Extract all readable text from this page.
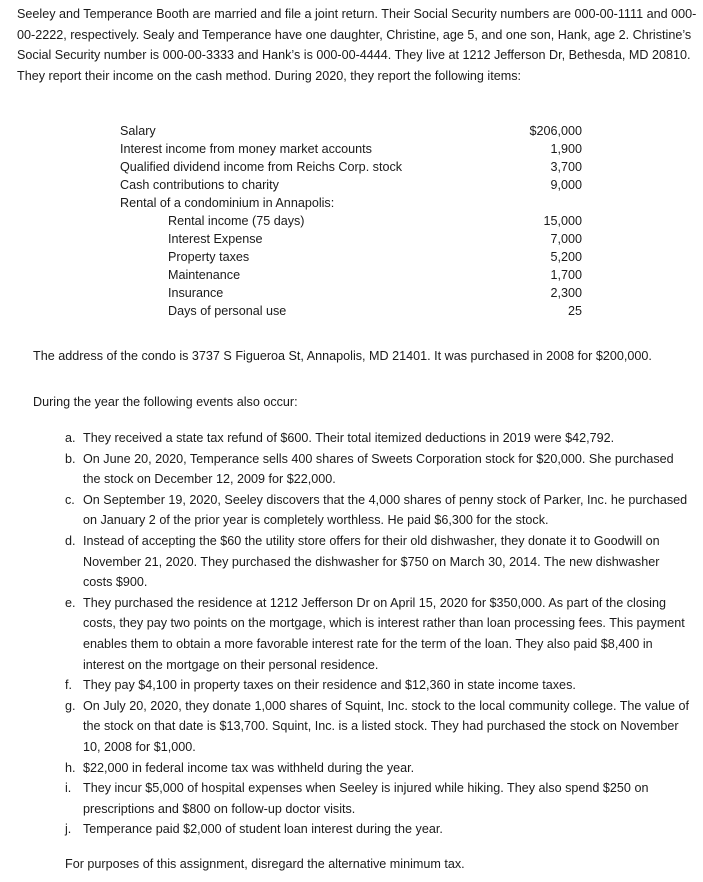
Seeley and Temperance Booth are married and file a joint return. Their Social Security numbers are 000-00-1111 and 000-00-2222, respectively. Sealy and Temperance have one daughter, Christine, age 5, and one son, Hank, age 2. Christine’s Social Security number is 000-00-3333 and Hank’s is 000-00-4444. They live at 1212 Jefferson Dr, Bethesda, MD 20810. They report their income on the cash method. During 2020, they report the following items:

Salary	$206,000
Interest income from money market accounts	1,900
Qualified dividend income from Reichs Corp. stock	3,700
Cash contributions to charity	9,000
Rental of a condominium in Annapolis:
Rental income (75 days)	15,000
Interest Expense	7,000
Property taxes	5,200
Maintenance	1,700
Insurance	2,300
Days of personal use	25

The address of the condo is 3737 S Figueroa St, Annapolis, MD 21401. It was purchased in 2008 for $200,000.

During the year the following events also occur:

a. They received a state tax refund of $600. Their total itemized deductions in 2019 were $42,792.
b. On June 20, 2020, Temperance sells 400 shares of Sweets Corporation stock for $20,000. She purchased the stock on December 12, 2009 for $22,000.
c. On September 19, 2020, Seeley discovers that the 4,000 shares of penny stock of Parker, Inc. he purchased on January 2 of the prior year is completely worthless. He paid $6,300 for the stock.
d. Instead of accepting the $60 the utility store offers for their old dishwasher, they donate it to Goodwill on November 21, 2020. They purchased the dishwasher for $750 on March 30, 2014. The new dishwasher costs $900.
e. They purchased the residence at 1212 Jefferson Dr on April 15, 2020 for $350,000. As part of the closing costs, they pay two points on the mortgage, which is interest rather than loan processing fees. This payment enables them to obtain a more favorable interest rate for the term of the loan. They also paid $8,400 in interest on the mortgage on their personal residence.
f. They pay $4,100 in property taxes on their residence and $12,360 in state income taxes.
g. On July 20, 2020, they donate 1,000 shares of Squint, Inc. stock to the local community college. The value of the stock on that date is $13,700. Squint, Inc. is a listed stock. They had purchased the stock on November 10, 2008 for $1,000.
h. $22,000 in federal income tax was withheld during the year.
i. They incur $5,000 of hospital expenses when Seeley is injured while hiking. They also spend $250 on prescriptions and $800 on follow-up doctor visits.
j. Temperance paid $2,000 of student loan interest during the year.

For purposes of this assignment, disregard the alternative minimum tax.
